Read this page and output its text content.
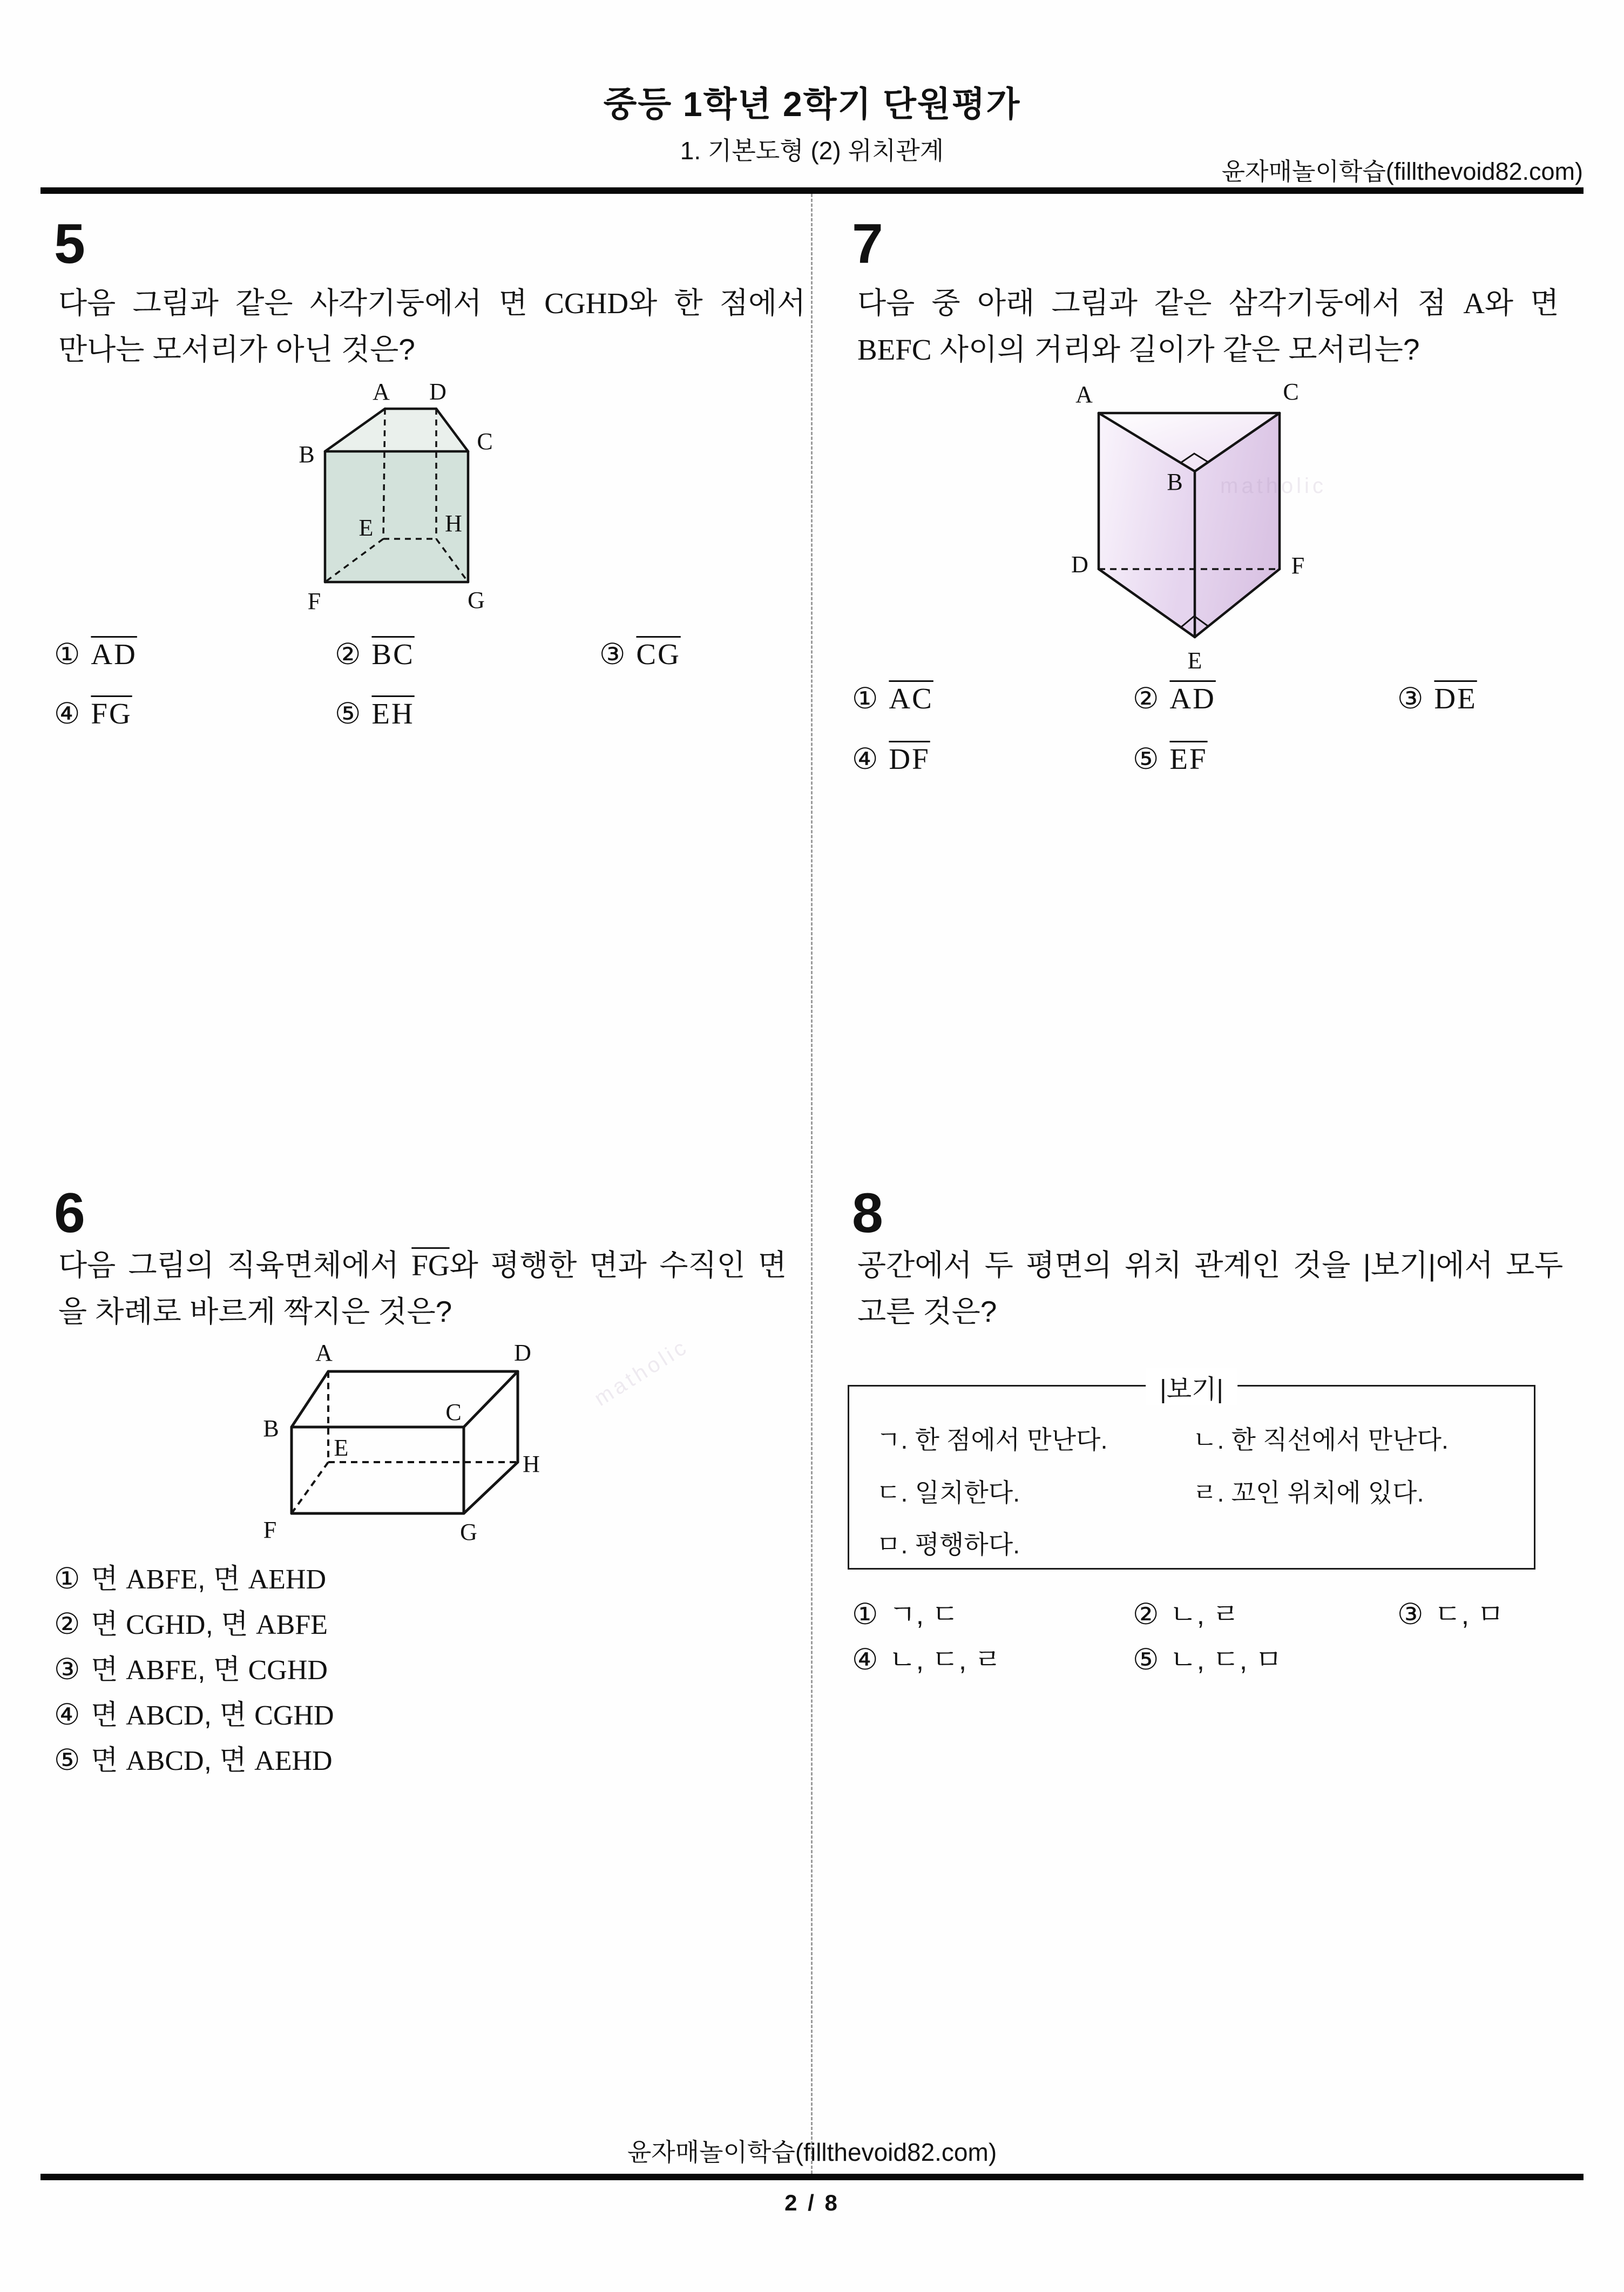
중등 1학년 2학기 단원평가
1. 기본도형 (2) 위치관계
윤자매놀이학습(fillthevoid82.com)
5
다음 그림과 같은 사각기둥에서 면 CGHD와 한 점에서
만나는 모서리가 아닌 것은?
A D
B	C
E	H
F	G
① $\overline{AD}$	② $\overline{BC}$	③ $\overline{CG}$
④ $\overline{FG}$	⑤ $\overline{EH}$
7
다음 중 아래 그림과 같은 삼각기둥에서 점 A와 면
BEFC 사이의 거리와 길이가 같은 모서리는?
A	C
B
D	F
E
matholic
① $\overline{AC}$	② $\overline{AD}$	③ $\overline{DE}$
④ $\overline{DF}$	⑤ $\overline{EF}$
6
다음 그림의 직육면체에서 $\overline{FG}$와 평행한 면과 수직인 면
을 차례로 바르게 짝지은 것은?
A	D
B
C
E
H
F	G
matholic
① 면 ABFE, 면 AEHD
② 면 CGHD, 면 ABFE
③ 면 ABFE, 면 CGHD
④ 면 ABCD, 면 CGHD
⑤ 면 ABCD, 면 AEHD
8
공간에서 두 평면의 위치 관계인 것을 |보기|에서 모두
고른 것은?
|보기|
ㄱ. 한 점에서 만난다.	ㄴ. 한 직선에서 만난다.
ㄷ. 일치한다.	ㄹ. 꼬인 위치에 있다.
ㅁ. 평행하다.
① ㄱ, ㄷ	② ㄴ, ㄹ	③ ㄷ, ㅁ
④ ㄴ, ㄷ, ㄹ	⑤ ㄴ, ㄷ, ㅁ
윤자매놀이학습(fillthevoid82.com)
2 / 8
